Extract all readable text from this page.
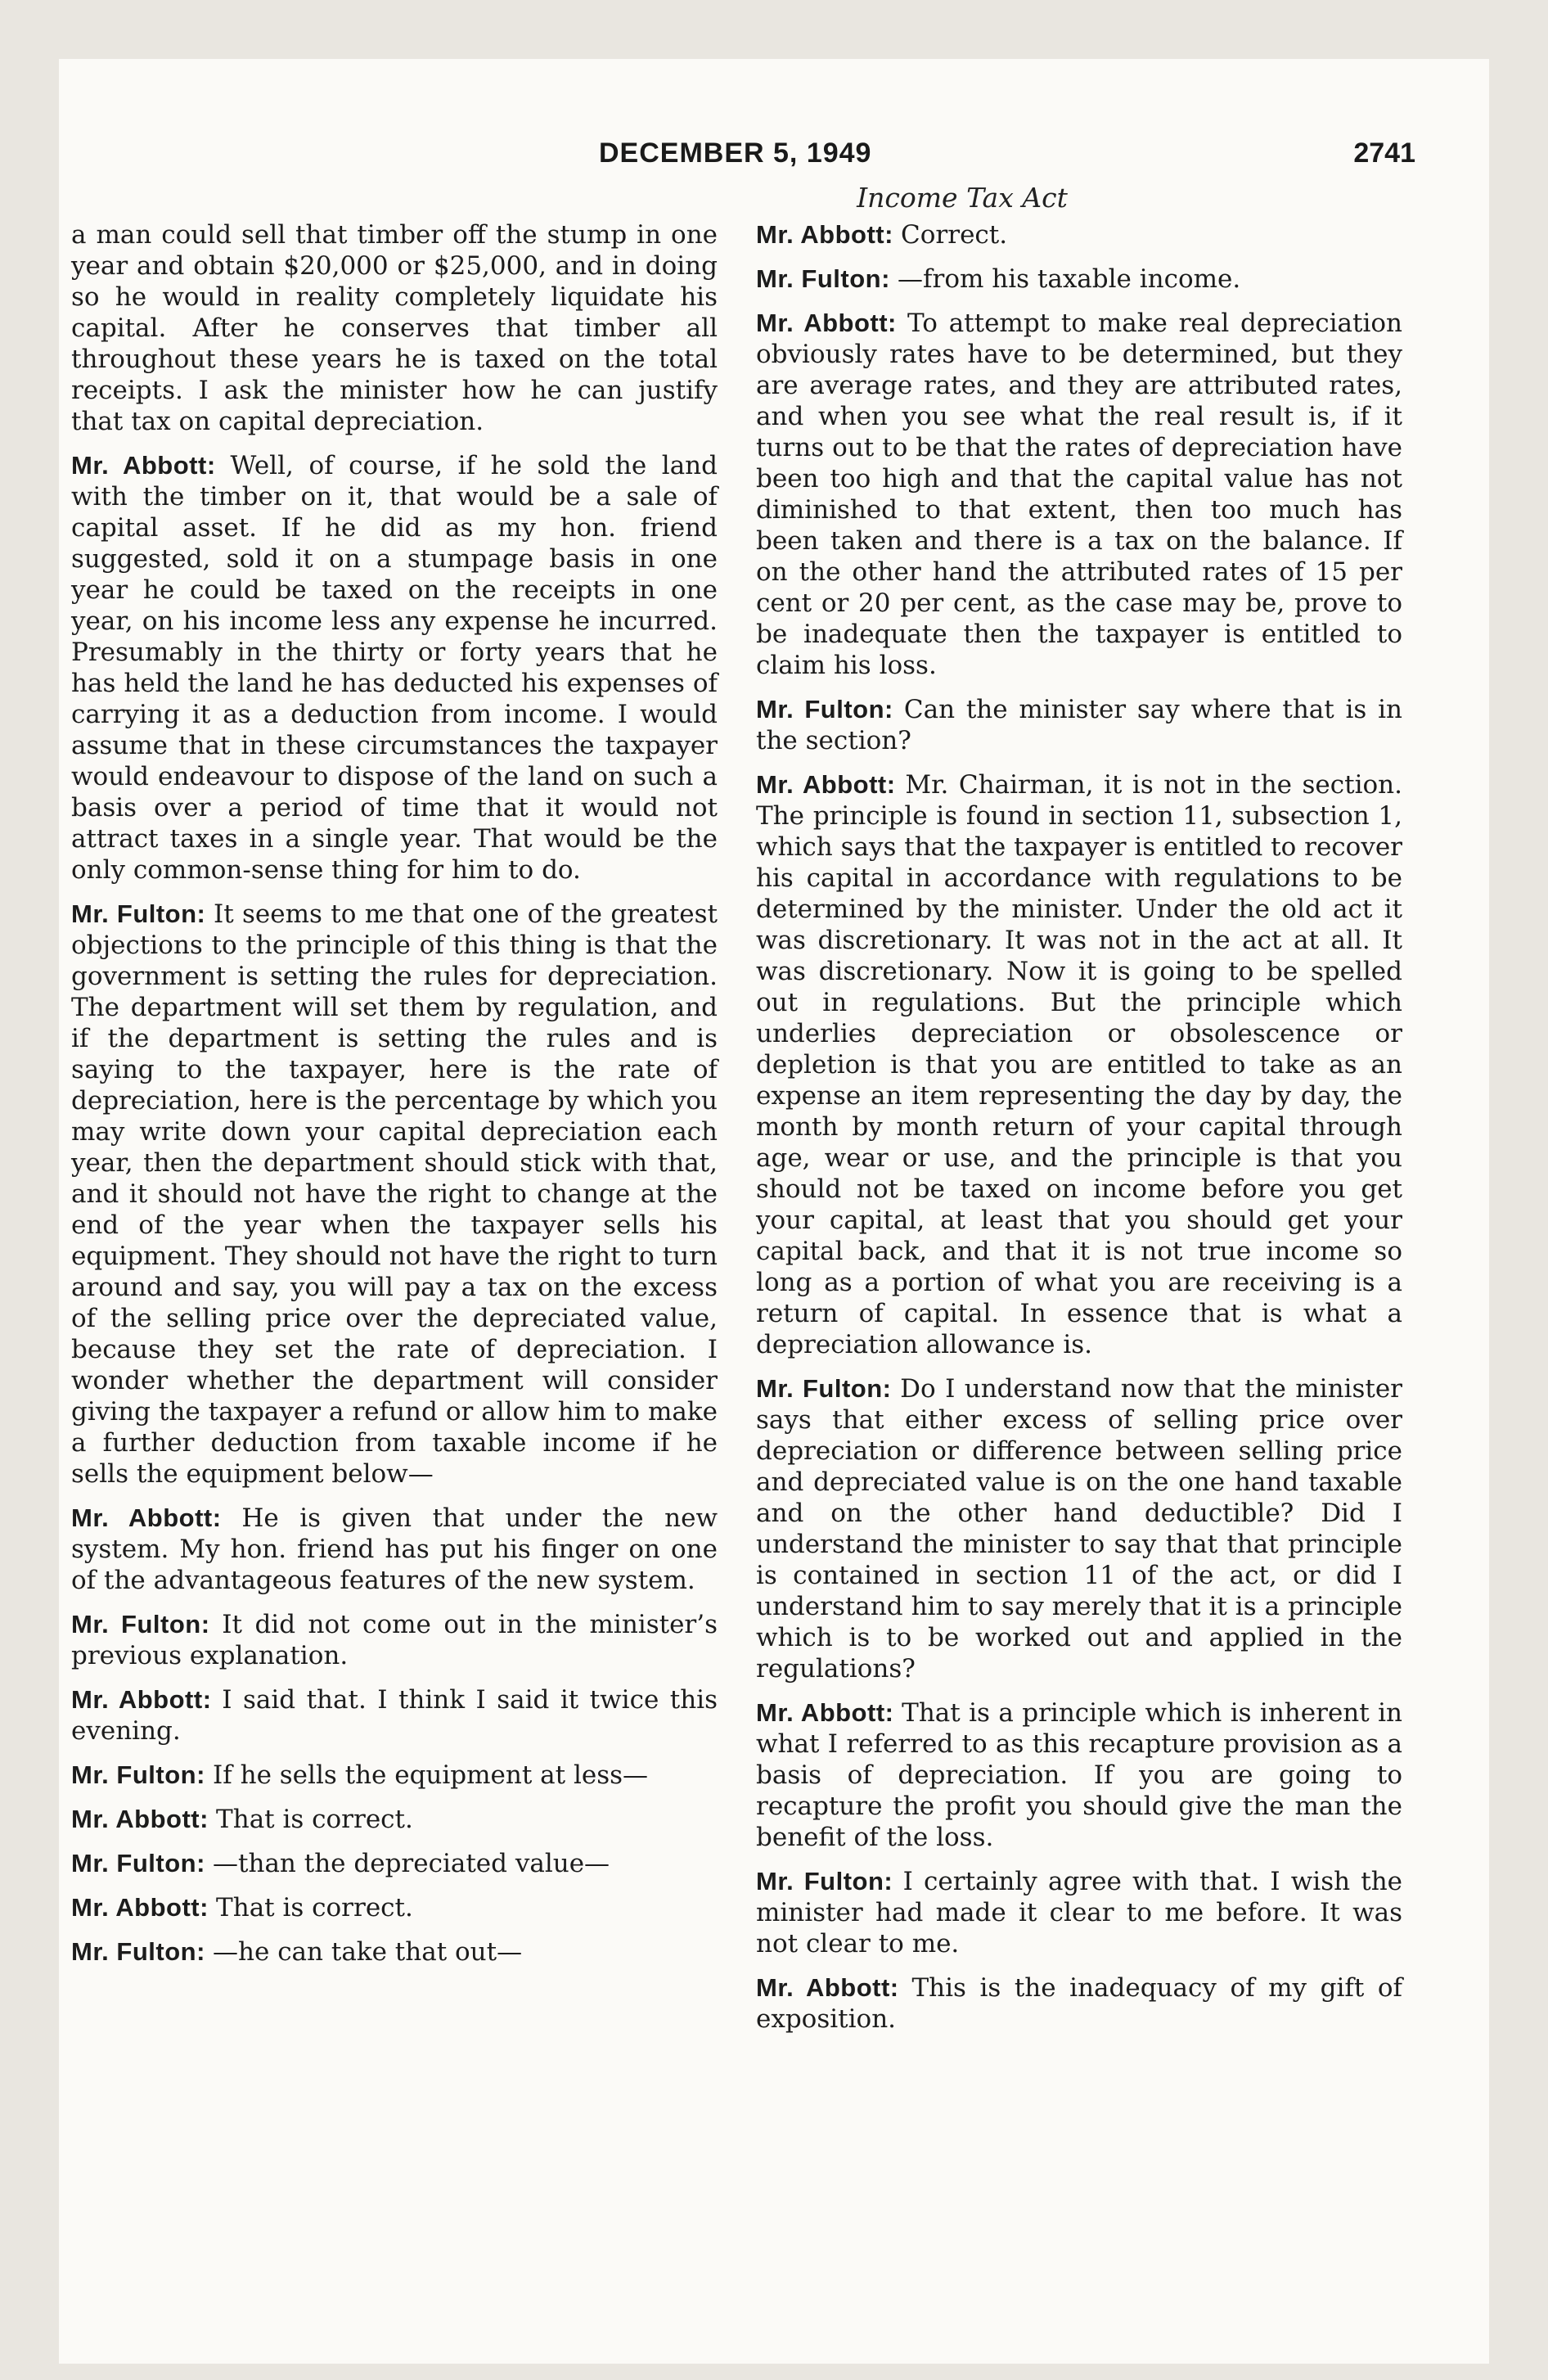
DECEMBER 5, 1949	2741
Income Tax Act

a man could sell that timber off the stump in one year and obtain $20,000 or $25,000, and in doing so he would in reality completely liquidate his capital. After he conserves that timber all throughout these years he is taxed on the total receipts. I ask the minister how he can justify that tax on capital depreciation.

Mr. Abbott: Well, of course, if he sold the land with the timber on it, that would be a sale of capital asset. If he did as my hon. friend suggested, sold it on a stumpage basis in one year he could be taxed on the receipts in one year, on his income less any expense he incurred. Presumably in the thirty or forty years that he has held the land he has deducted his expenses of carrying it as a deduction from income. I would assume that in these circumstances the taxpayer would endeavour to dispose of the land on such a basis over a period of time that it would not attract taxes in a single year. That would be the only common-sense thing for him to do.

Mr. Fulton: It seems to me that one of the greatest objections to the principle of this thing is that the government is setting the rules for depreciation. The department will set them by regulation, and if the department is setting the rules and is saying to the taxpayer, here is the rate of depreciation, here is the percentage by which you may write down your capital depreciation each year, then the department should stick with that, and it should not have the right to change at the end of the year when the taxpayer sells his equipment. They should not have the right to turn around and say, you will pay a tax on the excess of the selling price over the depreciated value, because they set the rate of depreciation. I wonder whether the department will consider giving the taxpayer a refund or allow him to make a further deduction from taxable income if he sells the equipment below—

Mr. Abbott: He is given that under the new system. My hon. friend has put his finger on one of the advantageous features of the new system.

Mr. Fulton: It did not come out in the minister’s previous explanation.

Mr. Abbott: I said that. I think I said it twice this evening.

Mr. Fulton: If he sells the equipment at less—

Mr. Abbott: That is correct.

Mr. Fulton: —than the depreciated value—

Mr. Abbott: That is correct.

Mr. Fulton: —he can take that out—

Mr. Abbott: Correct.

Mr. Fulton: —from his taxable income.

Mr. Abbott: To attempt to make real depreciation obviously rates have to be determined, but they are average rates, and they are attributed rates, and when you see what the real result is, if it turns out to be that the rates of depreciation have been too high and that the capital value has not diminished to that extent, then too much has been taken and there is a tax on the balance. If on the other hand the attributed rates of 15 per cent or 20 per cent, as the case may be, prove to be inadequate then the taxpayer is entitled to claim his loss.

Mr. Fulton: Can the minister say where that is in the section?

Mr. Abbott: Mr. Chairman, it is not in the section. The principle is found in section 11, subsection 1, which says that the taxpayer is entitled to recover his capital in accordance with regulations to be determined by the minister. Under the old act it was discretionary. It was not in the act at all. It was discretionary. Now it is going to be spelled out in regulations. But the principle which underlies depreciation or obsolescence or depletion is that you are entitled to take as an expense an item representing the day by day, the month by month return of your capital through age, wear or use, and the principle is that you should not be taxed on income before you get your capital, at least that you should get your capital back, and that it is not true income so long as a portion of what you are receiving is a return of capital. In essence that is what a depreciation allowance is.

Mr. Fulton: Do I understand now that the minister says that either excess of selling price over depreciation or difference between selling price and depreciated value is on the one hand taxable and on the other hand deductible? Did I understand the minister to say that that principle is contained in section 11 of the act, or did I understand him to say merely that it is a principle which is to be worked out and applied in the regulations?

Mr. Abbott: That is a principle which is inherent in what I referred to as this recapture provision as a basis of depreciation. If you are going to recapture the profit you should give the man the benefit of the loss.

Mr. Fulton: I certainly agree with that. I wish the minister had made it clear to me before. It was not clear to me.

Mr. Abbott: This is the inadequacy of my gift of exposition.
